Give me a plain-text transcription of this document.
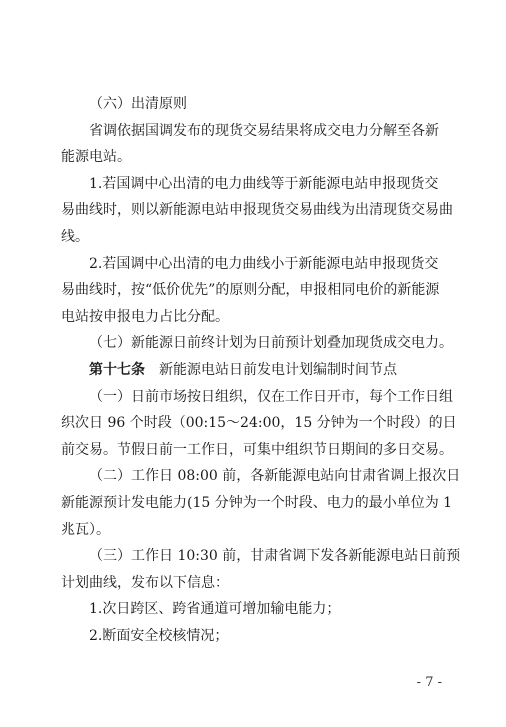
（六）出清原则
省调依据国调发布的现货交易结果将成交电力分解至各新
能源电站。
1.若国调中心出清的电力曲线等于新能源电站申报现货交
易曲线时，则以新能源电站申报现货交易曲线为出清现货交易曲
线。
2.若国调中心出清的电力曲线小于新能源电站申报现货交
易曲线时，按“低价优先”的原则分配，申报相同电价的新能源
电站按申报电力占比分配。
（七）新能源日前终计划为日前预计划叠加现货成交电力。
第十七条　 新能源电站日前发电计划编制时间节点
（一）日前市场按日组织，仅在工作日开市，每个工作日组
织次日 96 个时段（00:15～24:00，15 分钟为一个时段）的日
前交易。节假日前一工作日，可集中组织节日期间的多日交易。
（二）工作日 08:00 前，各新能源电站向甘肃省调上报次日
新能源预计发电能力(15 分钟为一个时段、电力的最小单位为 1
兆瓦）。
（三）工作日 10:30 前，甘肃省调下发各新能源电站日前预
计划曲线，发布以下信息：
1.次日跨区、跨省通道可增加输电能力；
2.断面安全校核情况；
- 7 -
